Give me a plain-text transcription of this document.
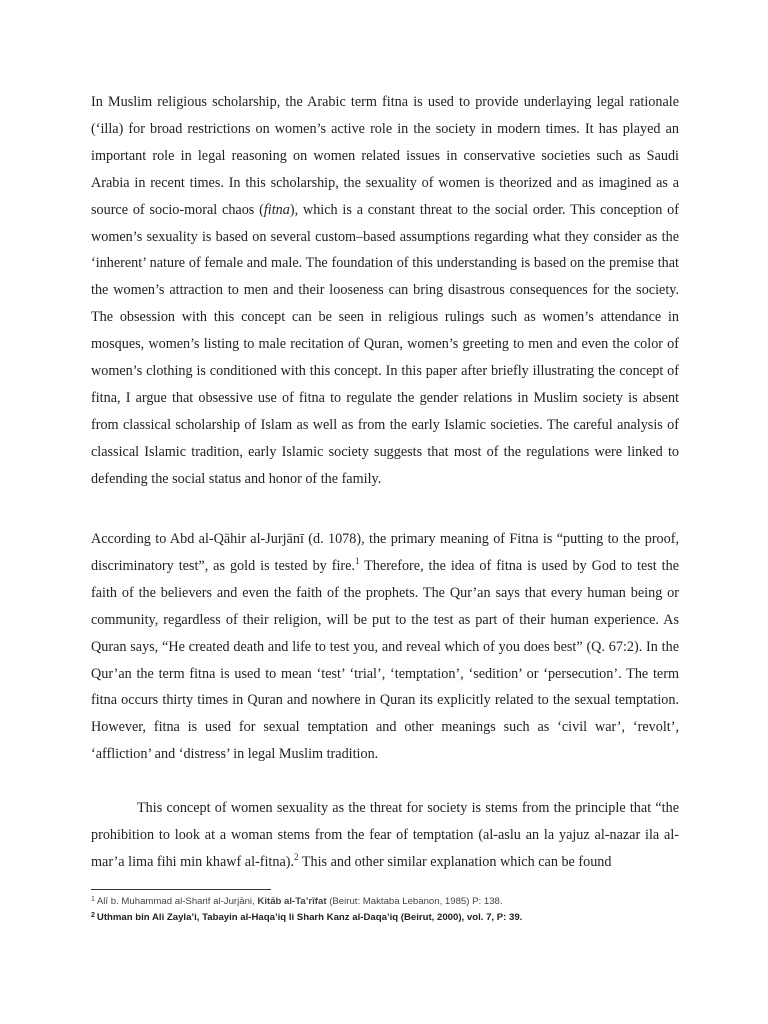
In Muslim religious scholarship, the Arabic term fitna is used to provide underlaying legal rationale (‘illa) for broad restrictions on women’s active role in the society in modern times. It has played an important role in legal reasoning on women related issues in conservative societies such as Saudi Arabia in recent times. In this scholarship, the sexuality of women is theorized and as imagined as a source of socio-moral chaos (fitna), which is a constant threat to the social order. This conception of women’s sexuality is based on several custom–based assumptions regarding what they consider as the ‘inherent’ nature of female and male. The foundation of this understanding is based on the premise that the women’s attraction to men and their looseness can bring disastrous consequences for the society. The obsession with this concept can be seen in religious rulings such as women’s attendance in mosques, women’s listing to male recitation of Quran, women’s greeting to men and even the color of women’s clothing is conditioned with this concept. In this paper after briefly illustrating the concept of fitna, I argue that obsessive use of fitna to regulate the gender relations in Muslim society is absent from classical scholarship of Islam as well as from the early Islamic societies. The careful analysis of classical Islamic tradition, early Islamic society suggests that most of the regulations were linked to defending the social status and honor of the family.

According to Abd al-Qāhir al-Jurjānī (d. 1078), the primary meaning of Fitna is “putting to the proof, discriminatory test”, as gold is tested by fire.$^1$ Therefore, the idea of fitna is used by God to test the faith of the believers and even the faith of the prophets. The Qur’an says that every human being or community, regardless of their religion, will be put to the test as part of their human experience. As Quran says, “He created death and life to test you, and reveal which of you does best” (Q. 67:2). In the Qur’an the term fitna is used to mean ‘test’ ‘trial’, ‘temptation’, ‘sedition’ or ‘persecution’. The term fitna occurs thirty times in Quran and nowhere in Quran its explicitly related to the sexual temptation. However, fitna is used for sexual temptation and other meanings such as ‘civil war’, ‘revolt’, ‘affliction’ and ‘distress’ in legal Muslim tradition.

This concept of women sexuality as the threat for society is stems from the principle that “the prohibition to look at a woman stems from the fear of temptation (al-aslu an la yajuz al-nazar ila al-mar’a lima fihi min khawf al-fitna).$^2$ This and other similar explanation which can be found

$^1$ Alī b. Muhammad al-Sharif al-Jurjāni, Kitāb al-Ta’rīfat (Beirut: Maktaba Lebanon, 1985) P: 138.

$^2$ Uthman bin Ali Zayla’i, Tabayin al-Haqa’iq li Sharh Kanz al-Daqa’iq (Beirut, 2000), vol. 7, P: 39.
